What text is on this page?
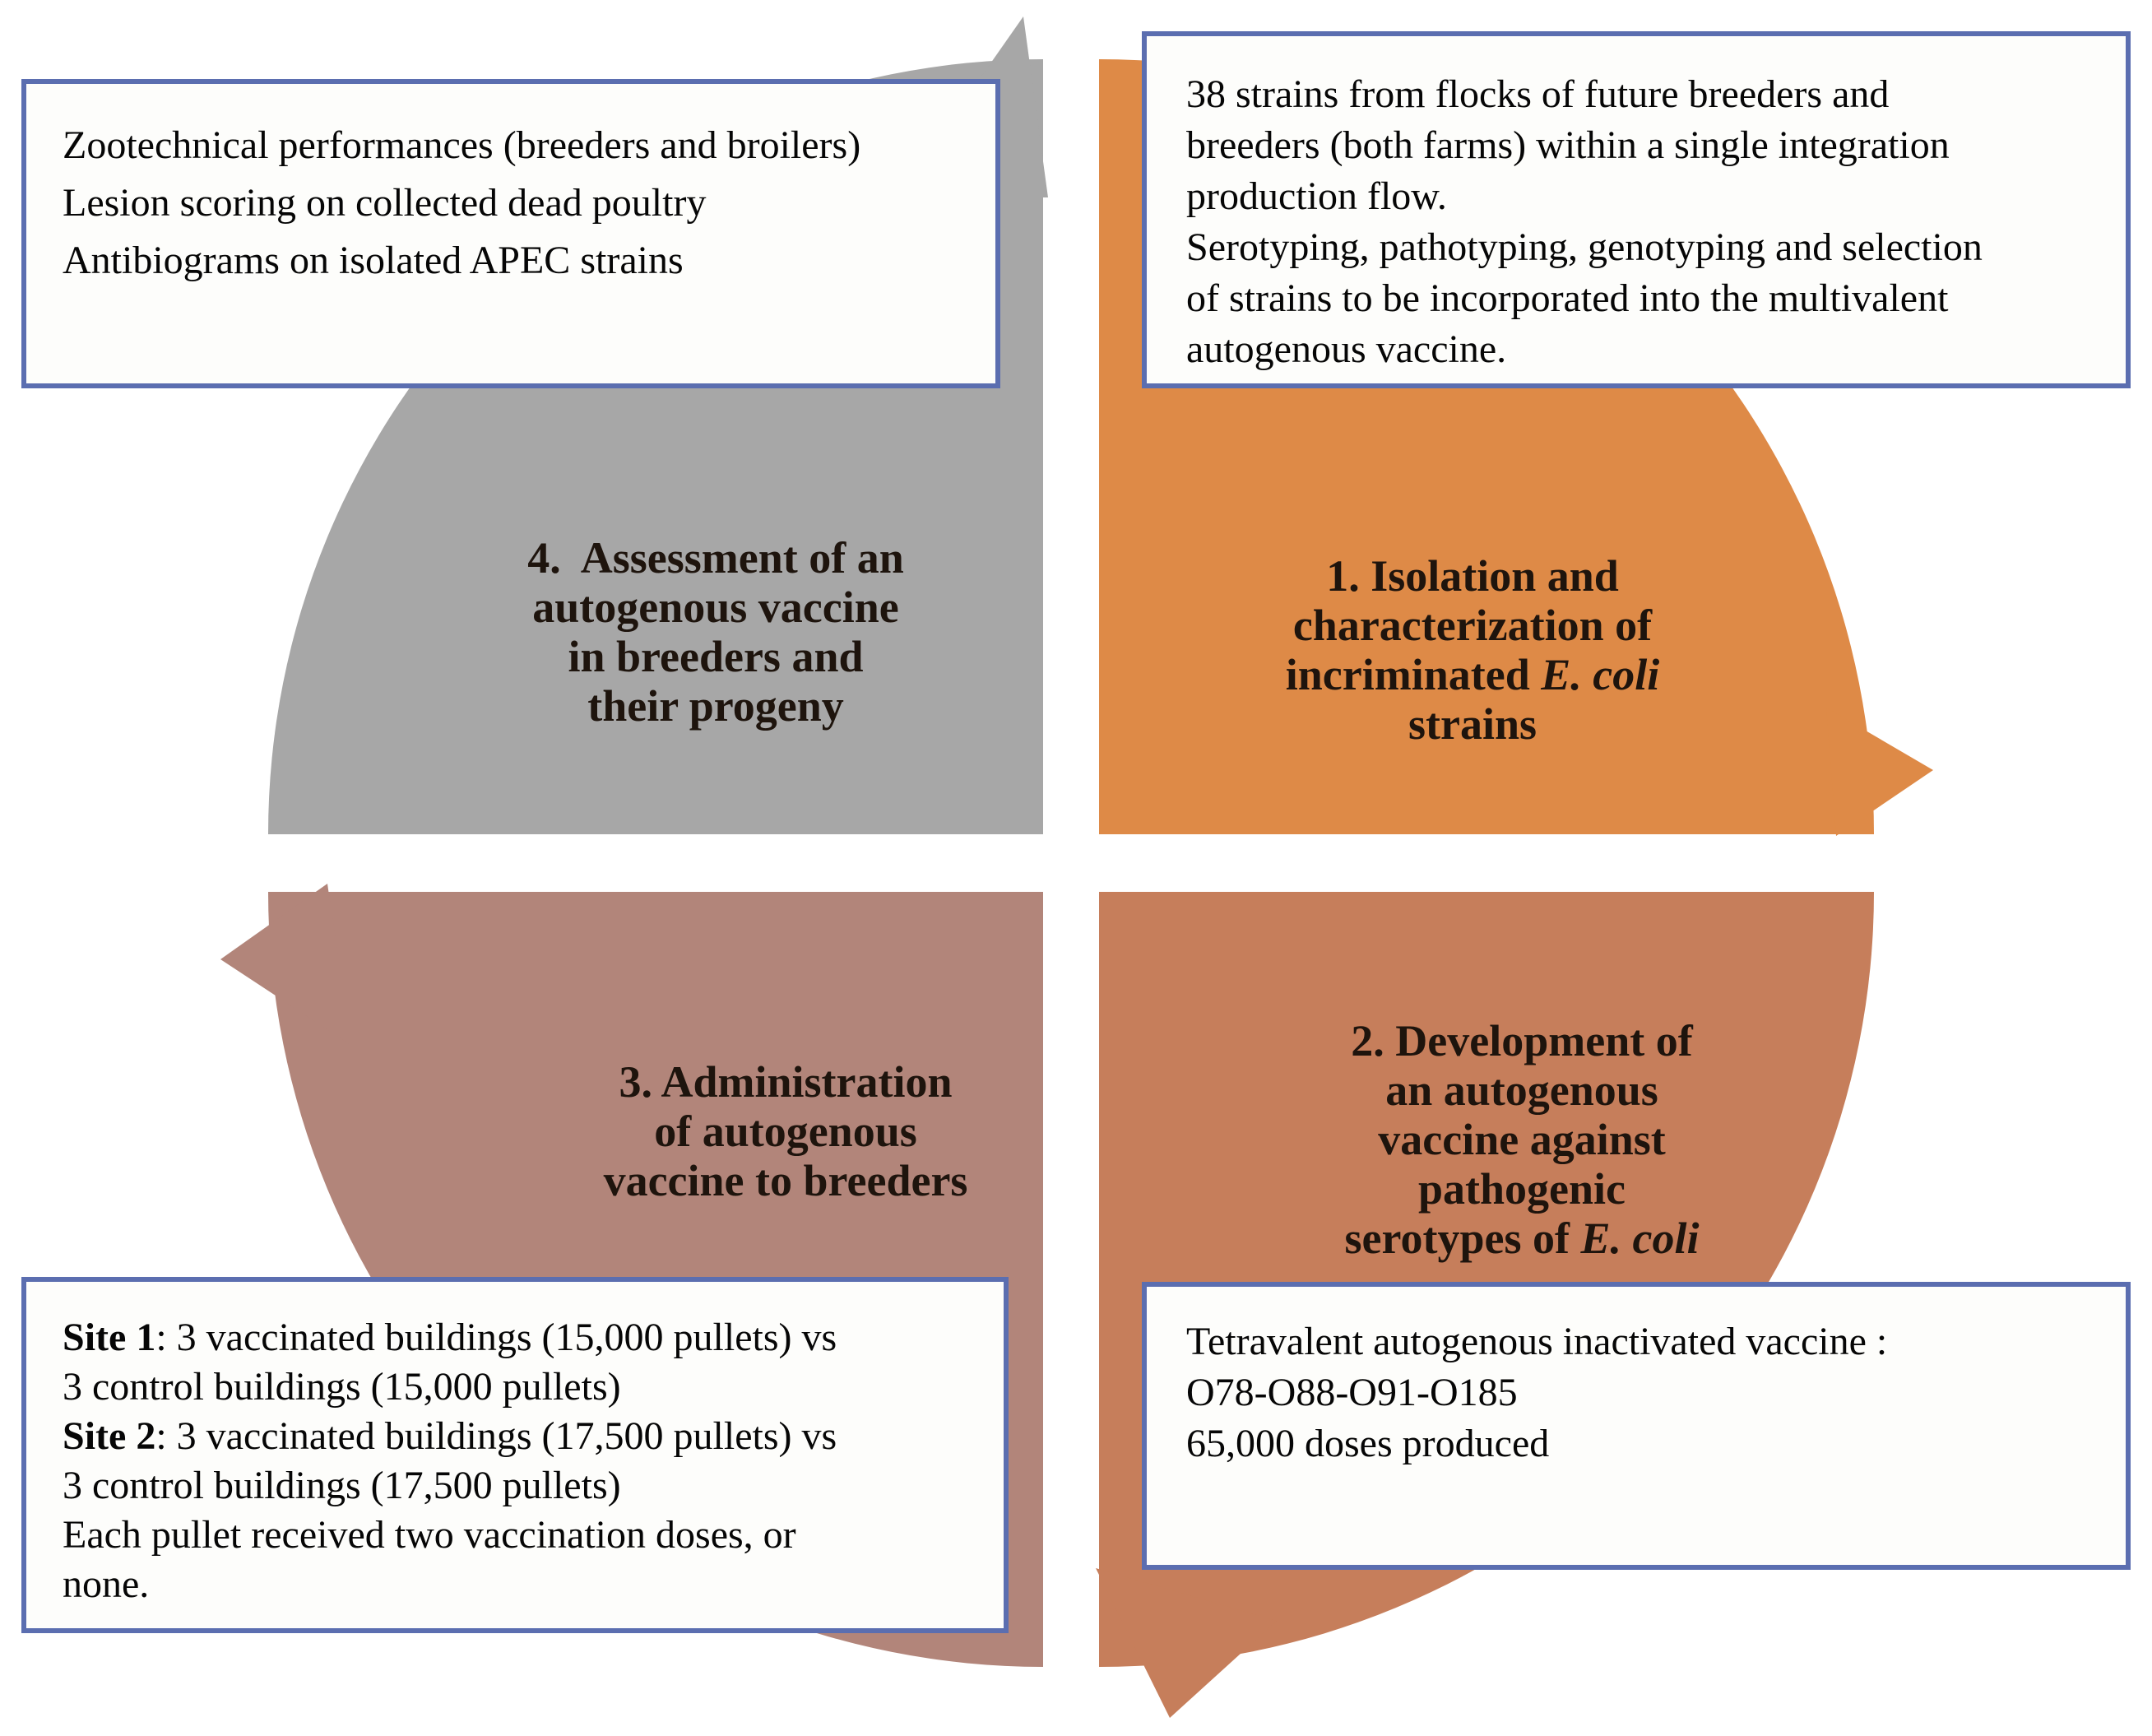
1. Isolation and
characterization of
incriminated E. coli
strains
4.  Assessment of an
autogenous vaccine
in breeders and
their progeny
2. Development of
an autogenous
vaccine against
pathogenic
serotypes of E. coli
3. Administration
of autogenous
vaccine to breeders
Zootechnical performances (breeders and broilers)
Lesion scoring on collected dead poultry
Antibiograms on isolated APEC strains
38 strains from flocks of future breeders and
breeders (both farms) within a single integration
production flow.
Serotyping, pathotyping, genotyping and selection
of strains to be incorporated into the multivalent
autogenous vaccine.
Site 1: 3 vaccinated buildings (15,000 pullets) vs
3 control buildings (15,000 pullets)
Site 2: 3 vaccinated buildings (17,500 pullets) vs
3 control buildings (17,500 pullets)
Each pullet received two vaccination doses, or
none.
Tetravalent autogenous inactivated vaccine :
O78-O88-O91-O185
65,000 doses produced
